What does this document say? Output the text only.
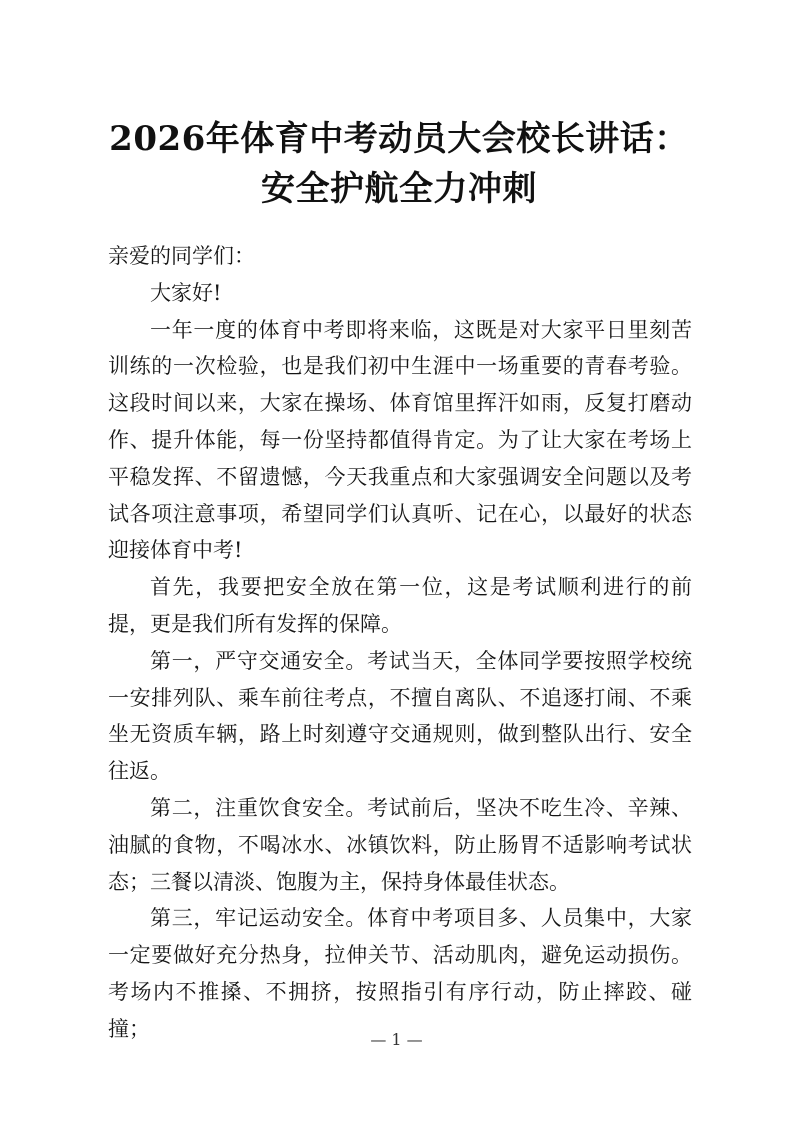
2026年体育中考动员大会校长讲话：安全护航全力冲刺

亲爱的同学们：

大家好!

一年一度的体育中考即将来临，这既是对大家平日里刻苦训练的一次检验，也是我们初中生涯中一场重要的青春考验。这段时间以来，大家在操场、体育馆里挥汗如雨，反复打磨动作、提升体能，每一份坚持都值得肯定。为了让大家在考场上平稳发挥、不留遗憾，今天我重点和大家强调安全问题以及考试各项注意事项，希望同学们认真听、记在心，以最好的状态迎接体育中考!

首先，我要把安全放在第一位，这是考试顺利进行的前提，更是我们所有发挥的保障。

第一，严守交通安全。考试当天，全体同学要按照学校统一安排列队、乘车前往考点，不擅自离队、不追逐打闹、不乘坐无资质车辆，路上时刻遵守交通规则，做到整队出行、安全往返。

第二，注重饮食安全。考试前后，坚决不吃生冷、辛辣、油腻的食物，不喝冰水、冰镇饮料，防止肠胃不适影响考试状态；三餐以清淡、饱腹为主，保持身体最佳状态。

第三，牢记运动安全。体育中考项目多、人员集中，大家一定要做好充分热身，拉伸关节、活动肌肉，避免运动损伤。考场内不推搡、不拥挤，按照指引有序行动，防止摔跤、碰撞；	— 1 —
